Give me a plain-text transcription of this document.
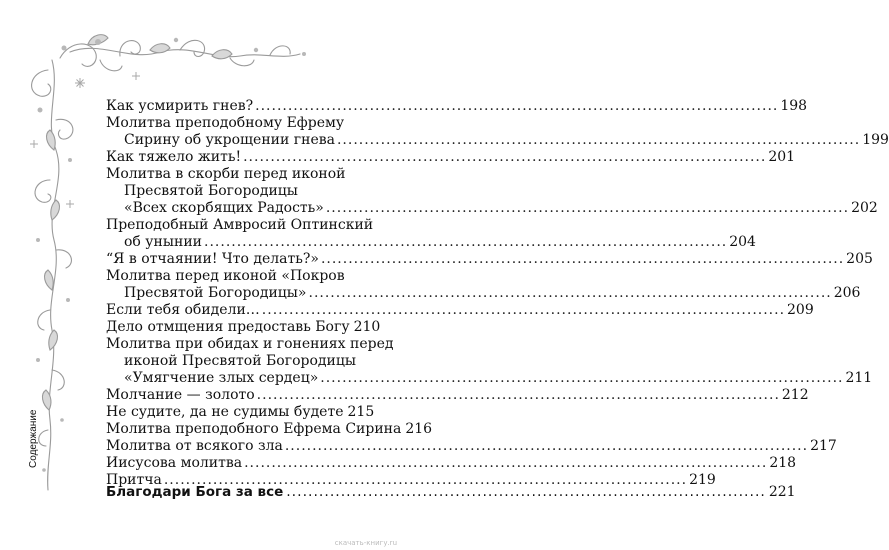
Как усмирить гнев? ................................................................................................ 198
Молитва преподобному Ефрему
Сирину об укрощении гнева ................................................................................................ 199
Как тяжело жить! ................................................................................................ 201
Молитва в скорби перед иконой
Пресвятой Богородицы
«Всех скорбящих Радость» ................................................................................................ 202
Преподобный Амвросий Оптинский
об унынии ................................................................................................ 204
“Я в отчаянии! Что делать?» ................................................................................................ 205
Молитва перед иконой «Покров
Пресвятой Богородицы» ................................................................................................ 206
Если тебя обидели… ................................................................................................ 209
Дело отмщения предоставь Богу 210
Молитва при обидах и гонениях перед
иконой Пресвятой Богородицы
«Умягчение злых сердец» ................................................................................................ 211
Молчание — золото ................................................................................................ 212
Не судите, да не судимы будете 215
Молитва преподобного Ефрема Сирина 216
Молитва от всякого зла ................................................................................................ 217
Иисусова молитва ................................................................................................ 218
Притча ................................................................................................ 219
Благодари Бога за все ........................................................................................ 221
Содержание
скачать-книгу.ru
